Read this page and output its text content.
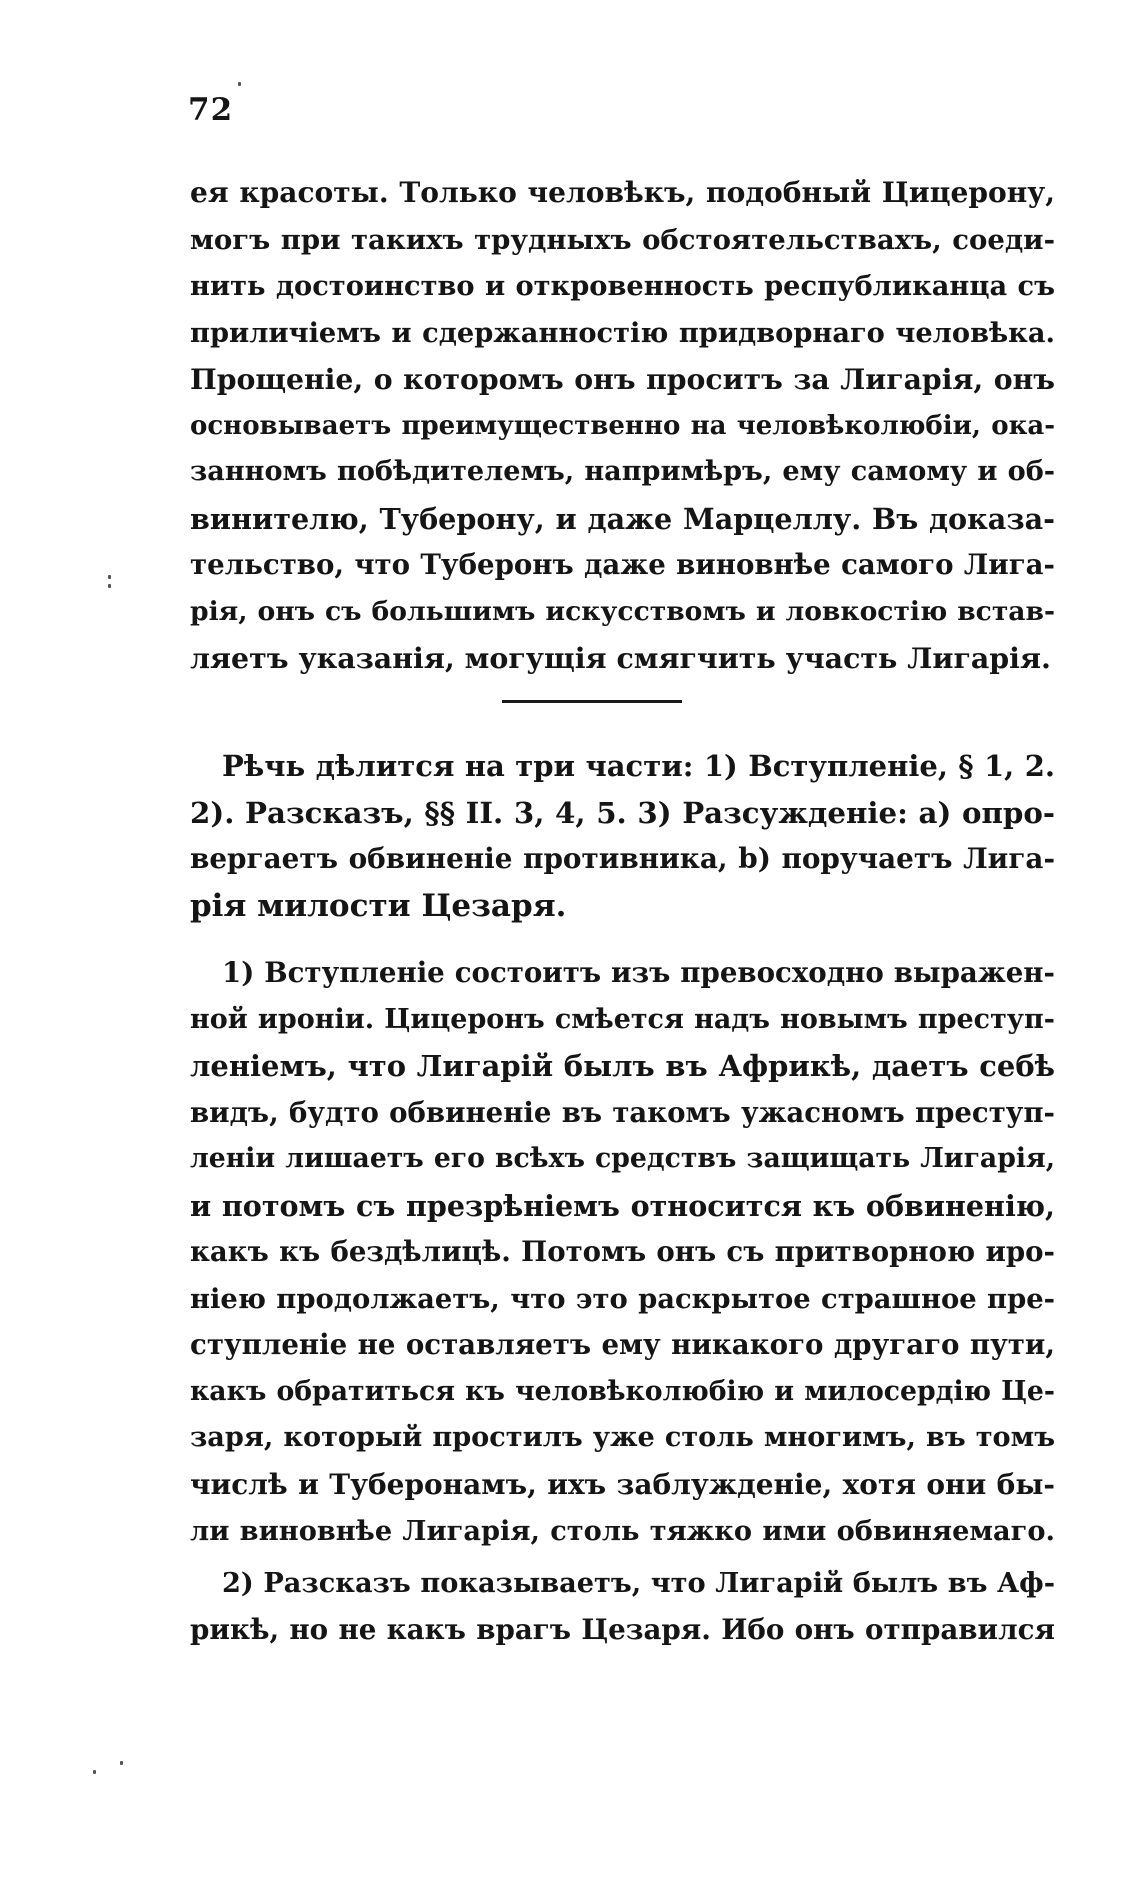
72
ея красоты. Только человѣкъ, подобный Цицерону,
могъ при такихъ трудныхъ обстоятельствахъ, соеди-
нить достоинство и откровенность республиканца съ
приличіемъ и сдержанностію придворнаго человѣка.
Прощеніе, о которомъ онъ проситъ за Лигарія, онъ
основываетъ преимущественно на человѣколюбіи, ока-
занномъ побѣдителемъ, напримѣръ, ему самому и об-
винителю, Туберону, и даже Марцеллу. Въ доказа-
тельство, что Туберонъ даже виновнѣе самого Лига-
рія, онъ съ большимъ искусствомъ и ловкостію встав-
ляетъ указанія, могущія смягчить участь Лигарія.
Рѣчь дѣлится на три части: 1) Вступленіе, § 1, 2.
2). Разсказъ, §§ II. 3, 4, 5. 3) Разсужденіе: a) опро-
вергаетъ обвиненіе противника, b) поручаетъ Лига-
рія милости Цезаря.
1) Вступленіе состоитъ изъ превосходно выражен-
ной ироніи. Цицеронъ смѣется надъ новымъ преступ-
леніемъ, что Лигарій былъ въ Африкѣ, даетъ себѣ
видъ, будто обвиненіе въ такомъ ужасномъ преступ-
леніи лишаетъ его всѣхъ средствъ защищать Лигарія,
и потомъ съ презрѣніемъ относится къ обвиненію,
какъ къ бездѣлицѣ. Потомъ онъ съ притворною иро-
ніею продолжаетъ, что это раскрытое страшное пре-
ступленіе не оставляетъ ему никакого другаго пути,
какъ обратиться къ человѣколюбію и милосердію Це-
заря, который простилъ уже столь многимъ, въ томъ
числѣ и Туберонамъ, ихъ заблужденіе, хотя они бы-
ли виновнѣе Лигарія, столь тяжко ими обвиняемаго.
2) Разсказъ показываетъ, что Лигарій былъ въ Аф-
рикѣ, но не какъ врагъ Цезаря. Ибо онъ отправился
